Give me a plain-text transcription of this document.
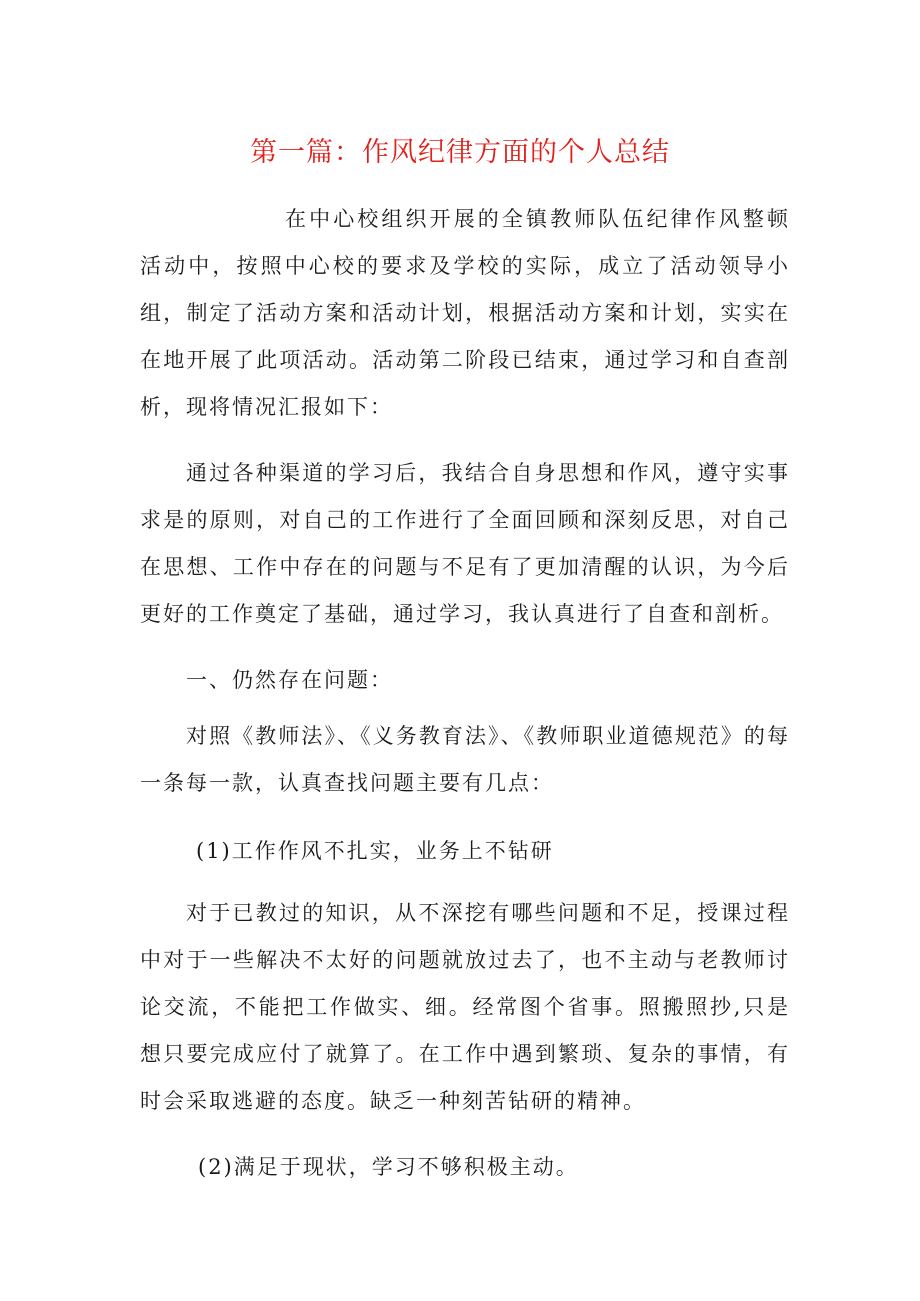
第一篇：作风纪律方面的个人总结

在中心校组织开展的全镇教师队伍纪律作风整顿活动中，按照中心校的要求及学校的实际，成立了活动领导小组，制定了活动方案和活动计划，根据活动方案和计划，实实在在地开展了此项活动。活动第二阶段已结束，通过学习和自查剖析，现将情况汇报如下：

通过各种渠道的学习后，我结合自身思想和作风，遵守实事求是的原则，对自己的工作进行了全面回顾和深刻反思，对自己在思想、工作中存在的问题与不足有了更加清醒的认识，为今后更好的工作奠定了基础，通过学习，我认真进行了自查和剖析。

一、仍然存在问题：

对照《教师法》、《义务教育法》、《教师职业道德规范》的每一条每一款，认真查找问题主要有几点：

(1)工作作风不扎实，业务上不钻研

对于已教过的知识，从不深挖有哪些问题和不足，授课过程中对于一些解决不太好的问题就放过去了，也不主动与老教师讨论交流，不能把工作做实、细。经常图个省事。照搬照抄,只是想只要完成应付了就算了。在工作中遇到繁琐、复杂的事情，有时会采取逃避的态度。缺乏一种刻苦钻研的精神。

(2)满足于现状，学习不够积极主动。
